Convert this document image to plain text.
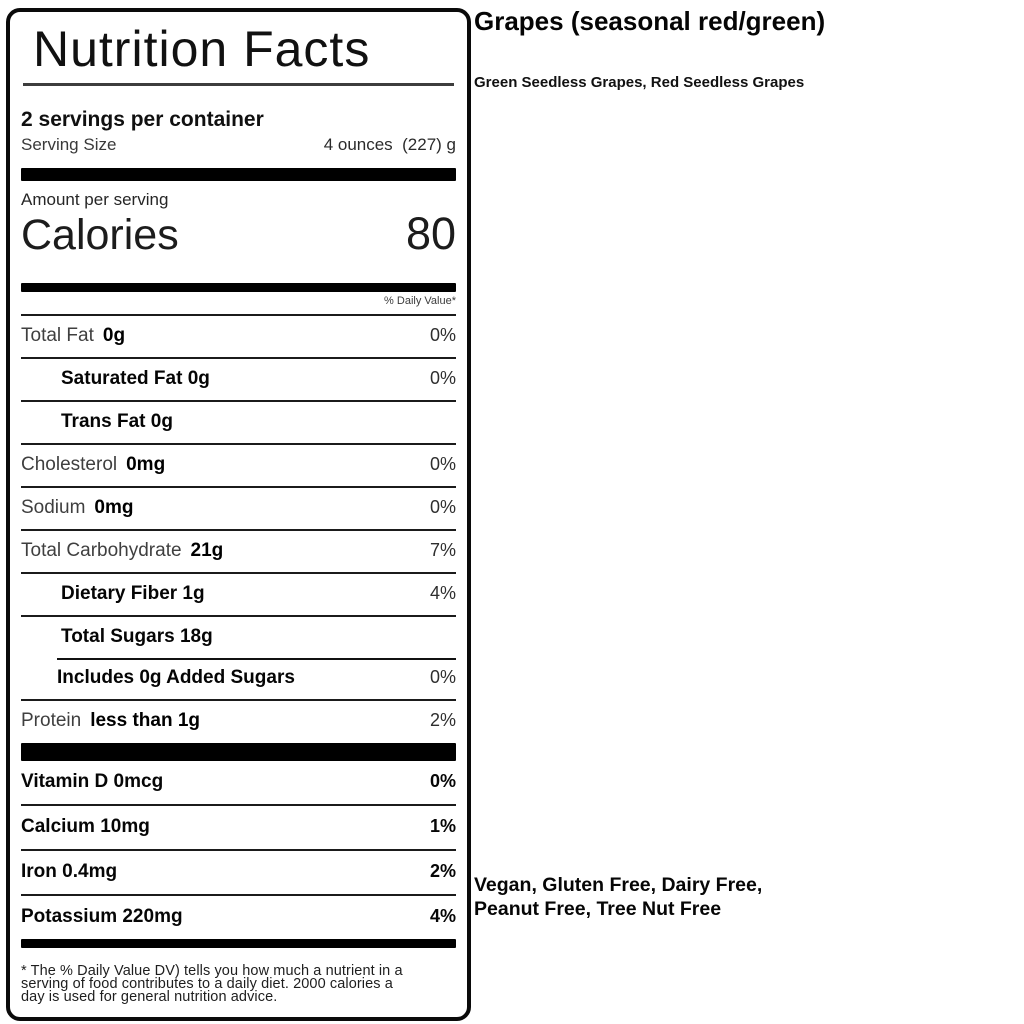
Nutrition Facts
2 servings per container
Serving Size	4 ounces  (227) g
Amount per serving
Calories	80
% Daily Value*
Total Fat 0g	0%
Saturated Fat 0g	0%
Trans Fat 0g
Cholesterol 0mg	0%
Sodium 0mg	0%
Total Carbohydrate 21g	7%
Dietary Fiber 1g	4%
Total Sugars 18g
Includes 0g Added Sugars	0%
Protein less than 1g	2%
Vitamin D 0mcg	0%
Calcium 10mg	1%
Iron 0.4mg	2%
Potassium 220mg	4%
* The % Daily Value DV) tells you how much a nutrient in a
serving of food contributes to a daily diet. 2000 calories a
day is used for general nutrition advice.
Grapes (seasonal red/green)
Green Seedless Grapes, Red Seedless Grapes
Vegan, Gluten Free, Dairy Free,
Peanut Free, Tree Nut Free
